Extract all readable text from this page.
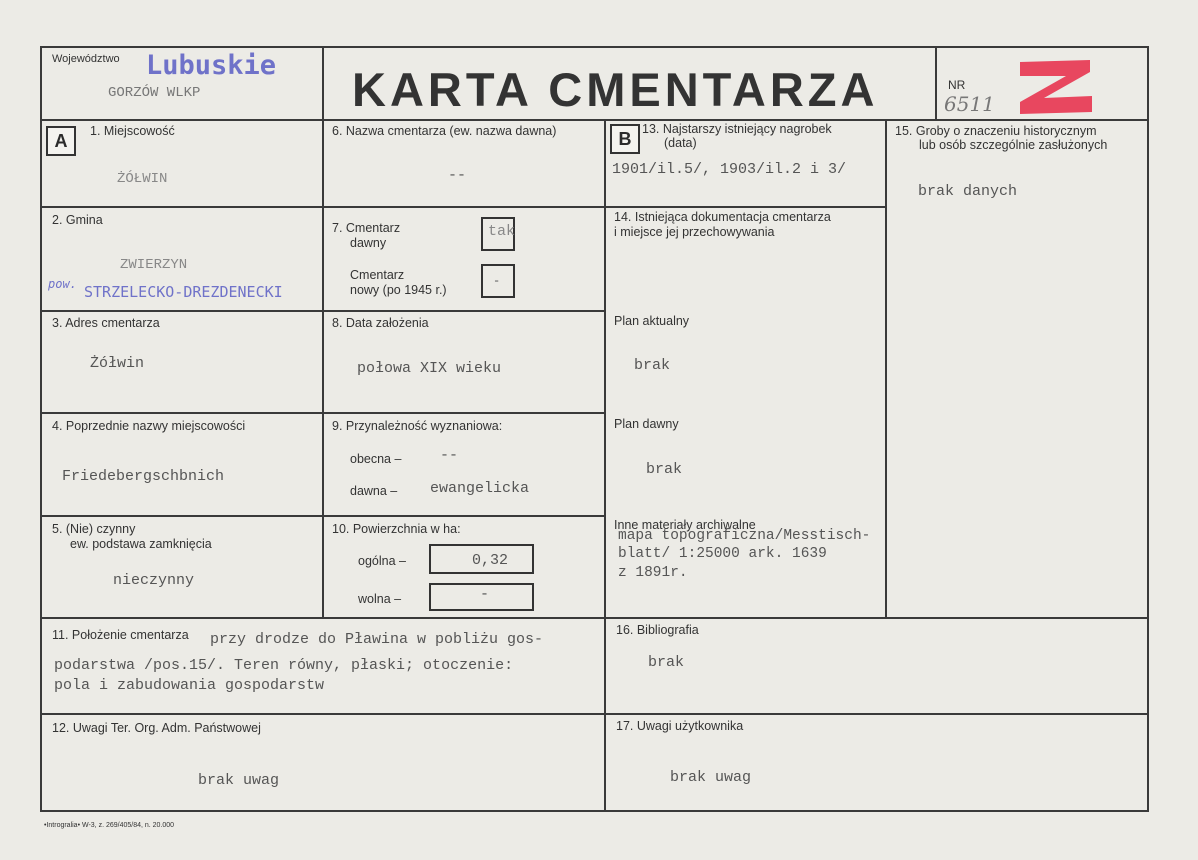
Województwo Lubuskie
GORZÓW WLKP	KARTA CMENTARZA	NR
6511
A	1. Miejscowość
ŻÓŁWIN
2. Gmina
ZWIERZYN
pow. STRZELECKO-DREZDENECKI
3. Adres cmentarza
Żółwin
4. Poprzednie nazwy miejscowości
Friedebergschbnich
5. (Nie) czynny
ew. podstawa zamknięcia
nieczynny
6. Nazwa cmentarza (ew. nazwa dawna)
--
7. Cmentarz
dawny
tak
Cmentarz
nowy (po 1945 r.)
-
8. Data założenia
połowa XIX wieku
9. Przynależność wyznaniowa:
obecna –	--
dawna – ewangelicka
10. Powierzchnia w ha:
ogólna –	0,32
wolna –	-
B 13. Najstarszy istniejący nagrobek
(data)
1901/il.5/, 1903/il.2 i 3/
14. Istniejąca dokumentacja cmentarza
i miejsce jej przechowywania
Plan aktualny
brak
Plan dawny
brak
Inne materiały archiwalne
mapa topograficzna/Messtisch-
blatt/ 1:25000 ark. 1639
z 1891r.
15. Groby o znaczeniu historycznym
lub osób szczególnie zasłużonych
brak danych
11. Położenie cmentarza przy drodze do Pławina w pobliżu gos-
podarstwa /pos.15/. Teren równy, płaski; otoczenie:
pola i zabudowania gospodarstw
16. Bibliografia
brak
12. Uwagi Ter. Org. Adm. Państwowej
brak uwag
17. Uwagi użytkownika
brak uwag
•Introgralia• W-3, z. 269/405/84, n. 20.000
